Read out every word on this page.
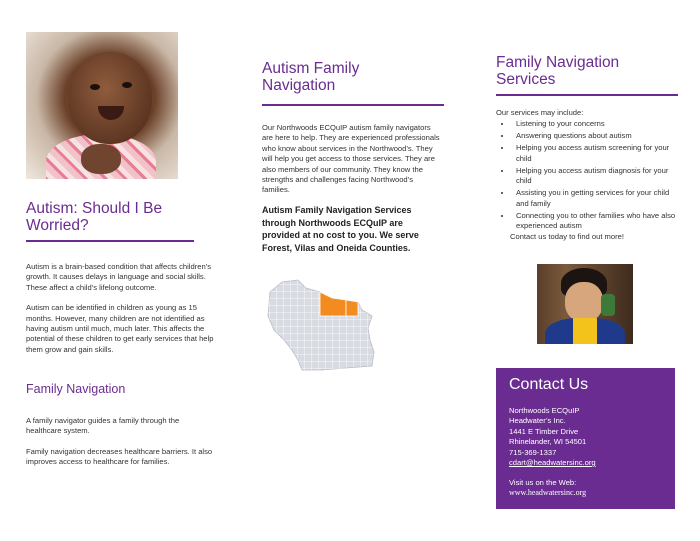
Autism: Should I Be Worried?

Autism is a brain-based condition that affects children’s growth. It causes delays in language and social skills. These affect a child’s lifelong outcome.

Autism can be identified in children as young as 15 months. However, many children are not identified as having autism until much, much later. This affects the potential of these children to get early services that help them grow and gain skills.

Family Navigation

A family navigator guides a family through the healthcare system.

Family navigation decreases healthcare barriers. It also improves access to healthcare for families.

Autism Family
Navigation

Our Northwoods ECQuIP autism family navigators are here to help. They are experienced professionals who know about services in the Northwood’s. They will help you get access to those services. They are also members of our community. They know the strengths and challenges facing Northwood’s families.

Autism Family Navigation Services through Northwoods ECQuIP are provided at no cost to you. We serve Forest, Vilas and Oneida Counties.
Family Navigation
Services
Our services may include:
• Listening to your concerns
• Answering questions about autism
• Helping you access autism screening for your child
• Helping you access autism diagnosis for your child
• Assisting you in getting services for your child and family
• Connecting you to other families who have also experienced autism
Contact us today to find out more!
Contact Us
Northwoods ECQuIP
Headwater’s Inc.
1441 E Timber Drive
Rhinelander, WI 54501
715-369-1337
cdart@headwatersinc.org
Visit us on the Web:
www.headwatersinc.org
